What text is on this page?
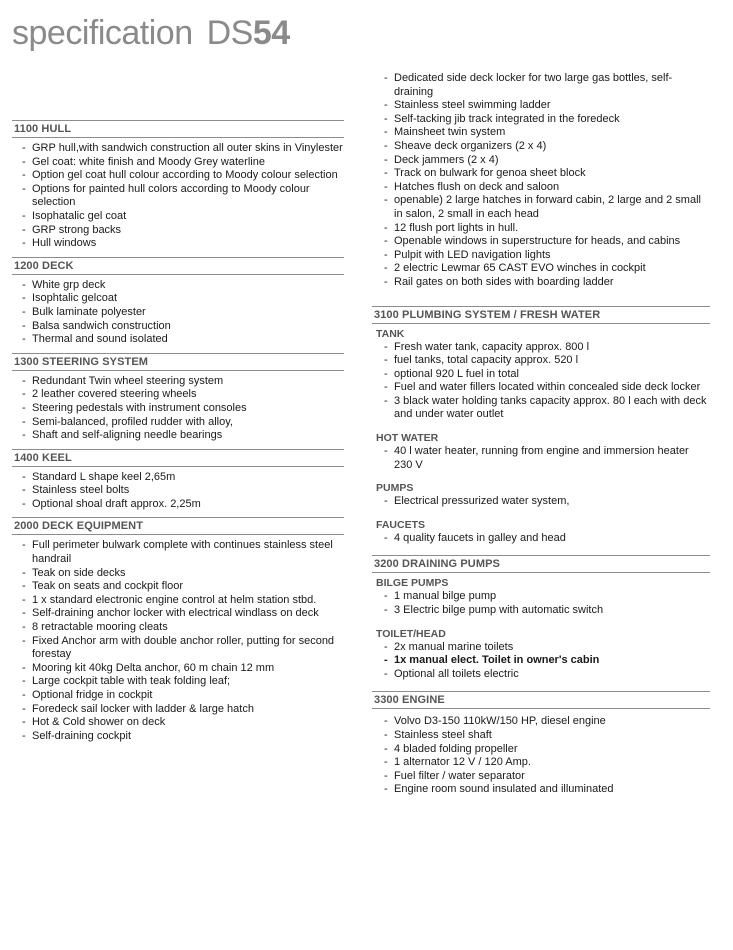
specification DS54
1100 HULL
- GRP hull,with sandwich construction all outer skins in Vinylester
- Gel coat: white finish and Moody Grey waterline
- Option gel coat hull colour according to Moody colour selection
- Options for painted hull colors according to Moody colour selection
- Isophatalic gel coat
- GRP strong backs
- Hull windows
1200 DECK
- White grp deck
- Isophtalic gelcoat
- Bulk laminate polyester
- Balsa sandwich construction
- Thermal and sound isolated
1300 STEERING SYSTEM
- Redundant Twin wheel steering system
- 2 leather covered steering wheels
- Steering pedestals with instrument consoles
- Semi-balanced, profiled rudder with alloy,
- Shaft and self-aligning needle bearings
1400 KEEL
- Standard L shape keel 2,65m
- Stainless steel bolts
- Optional shoal draft approx. 2,25m
2000 DECK EQUIPMENT
- Full perimeter bulwark complete with continues stainless steel handrail
- Teak on side decks
- Teak on seats and cockpit floor
- 1 x standard electronic engine control at helm station stbd.
- Self-draining anchor locker with electrical windlass on deck
- 8 retractable mooring cleats
- Fixed Anchor arm with double anchor roller, putting for second forestay
- Mooring kit 40kg Delta anchor, 60 m chain 12 mm
- Large cockpit table with teak folding leaf;
- Optional fridge in cockpit
- Foredeck sail locker with ladder & large hatch
- Hot & Cold shower on deck
- Self-draining cockpit
- Dedicated side deck locker for two large gas bottles, self-draining
- Stainless steel swimming ladder
- Self-tacking jib track integrated in the foredeck
- Mainsheet twin system
- Sheave deck organizers (2 x 4)
- Deck jammers (2 x 4)
- Track on bulwark for genoa sheet block
- Hatches flush on deck and saloon
- openable) 2 large hatches in forward cabin, 2 large and 2 small in salon, 2 small in each head
- 12 flush port lights in hull.
- Openable windows in superstructure for heads, and cabins
- Pulpit with LED navigation lights
- 2 electric Lewmar 65 CAST EVO winches in cockpit
- Rail gates on both sides with boarding ladder
3100 PLUMBING SYSTEM / FRESH WATER
TANK
- Fresh water tank, capacity approx. 800 l
- fuel tanks, total capacity approx. 520 l
- optional 920 L fuel in total
- Fuel and water fillers located within concealed side deck locker
- 3 black water holding tanks capacity approx. 80 l each with deck and under water outlet
HOT WATER
- 40 l water heater, running from engine and immersion heater 230 V
PUMPS
- Electrical pressurized water system,
FAUCETS
- 4 quality faucets in galley and head
3200 DRAINING PUMPS
BILGE PUMPS
- 1 manual bilge pump
- 3 Electric bilge pump with automatic switch
TOILET/HEAD
- 2x manual marine toilets
- 1x manual elect. Toilet in owner's cabin
- Optional all toilets electric
3300 ENGINE
- Volvo D3-150 110kW/150 HP, diesel engine
- Stainless steel shaft
- 4 bladed folding propeller
- 1 alternator 12 V / 120 Amp.
- Fuel filter / water separator
- Engine room sound insulated and illuminated
